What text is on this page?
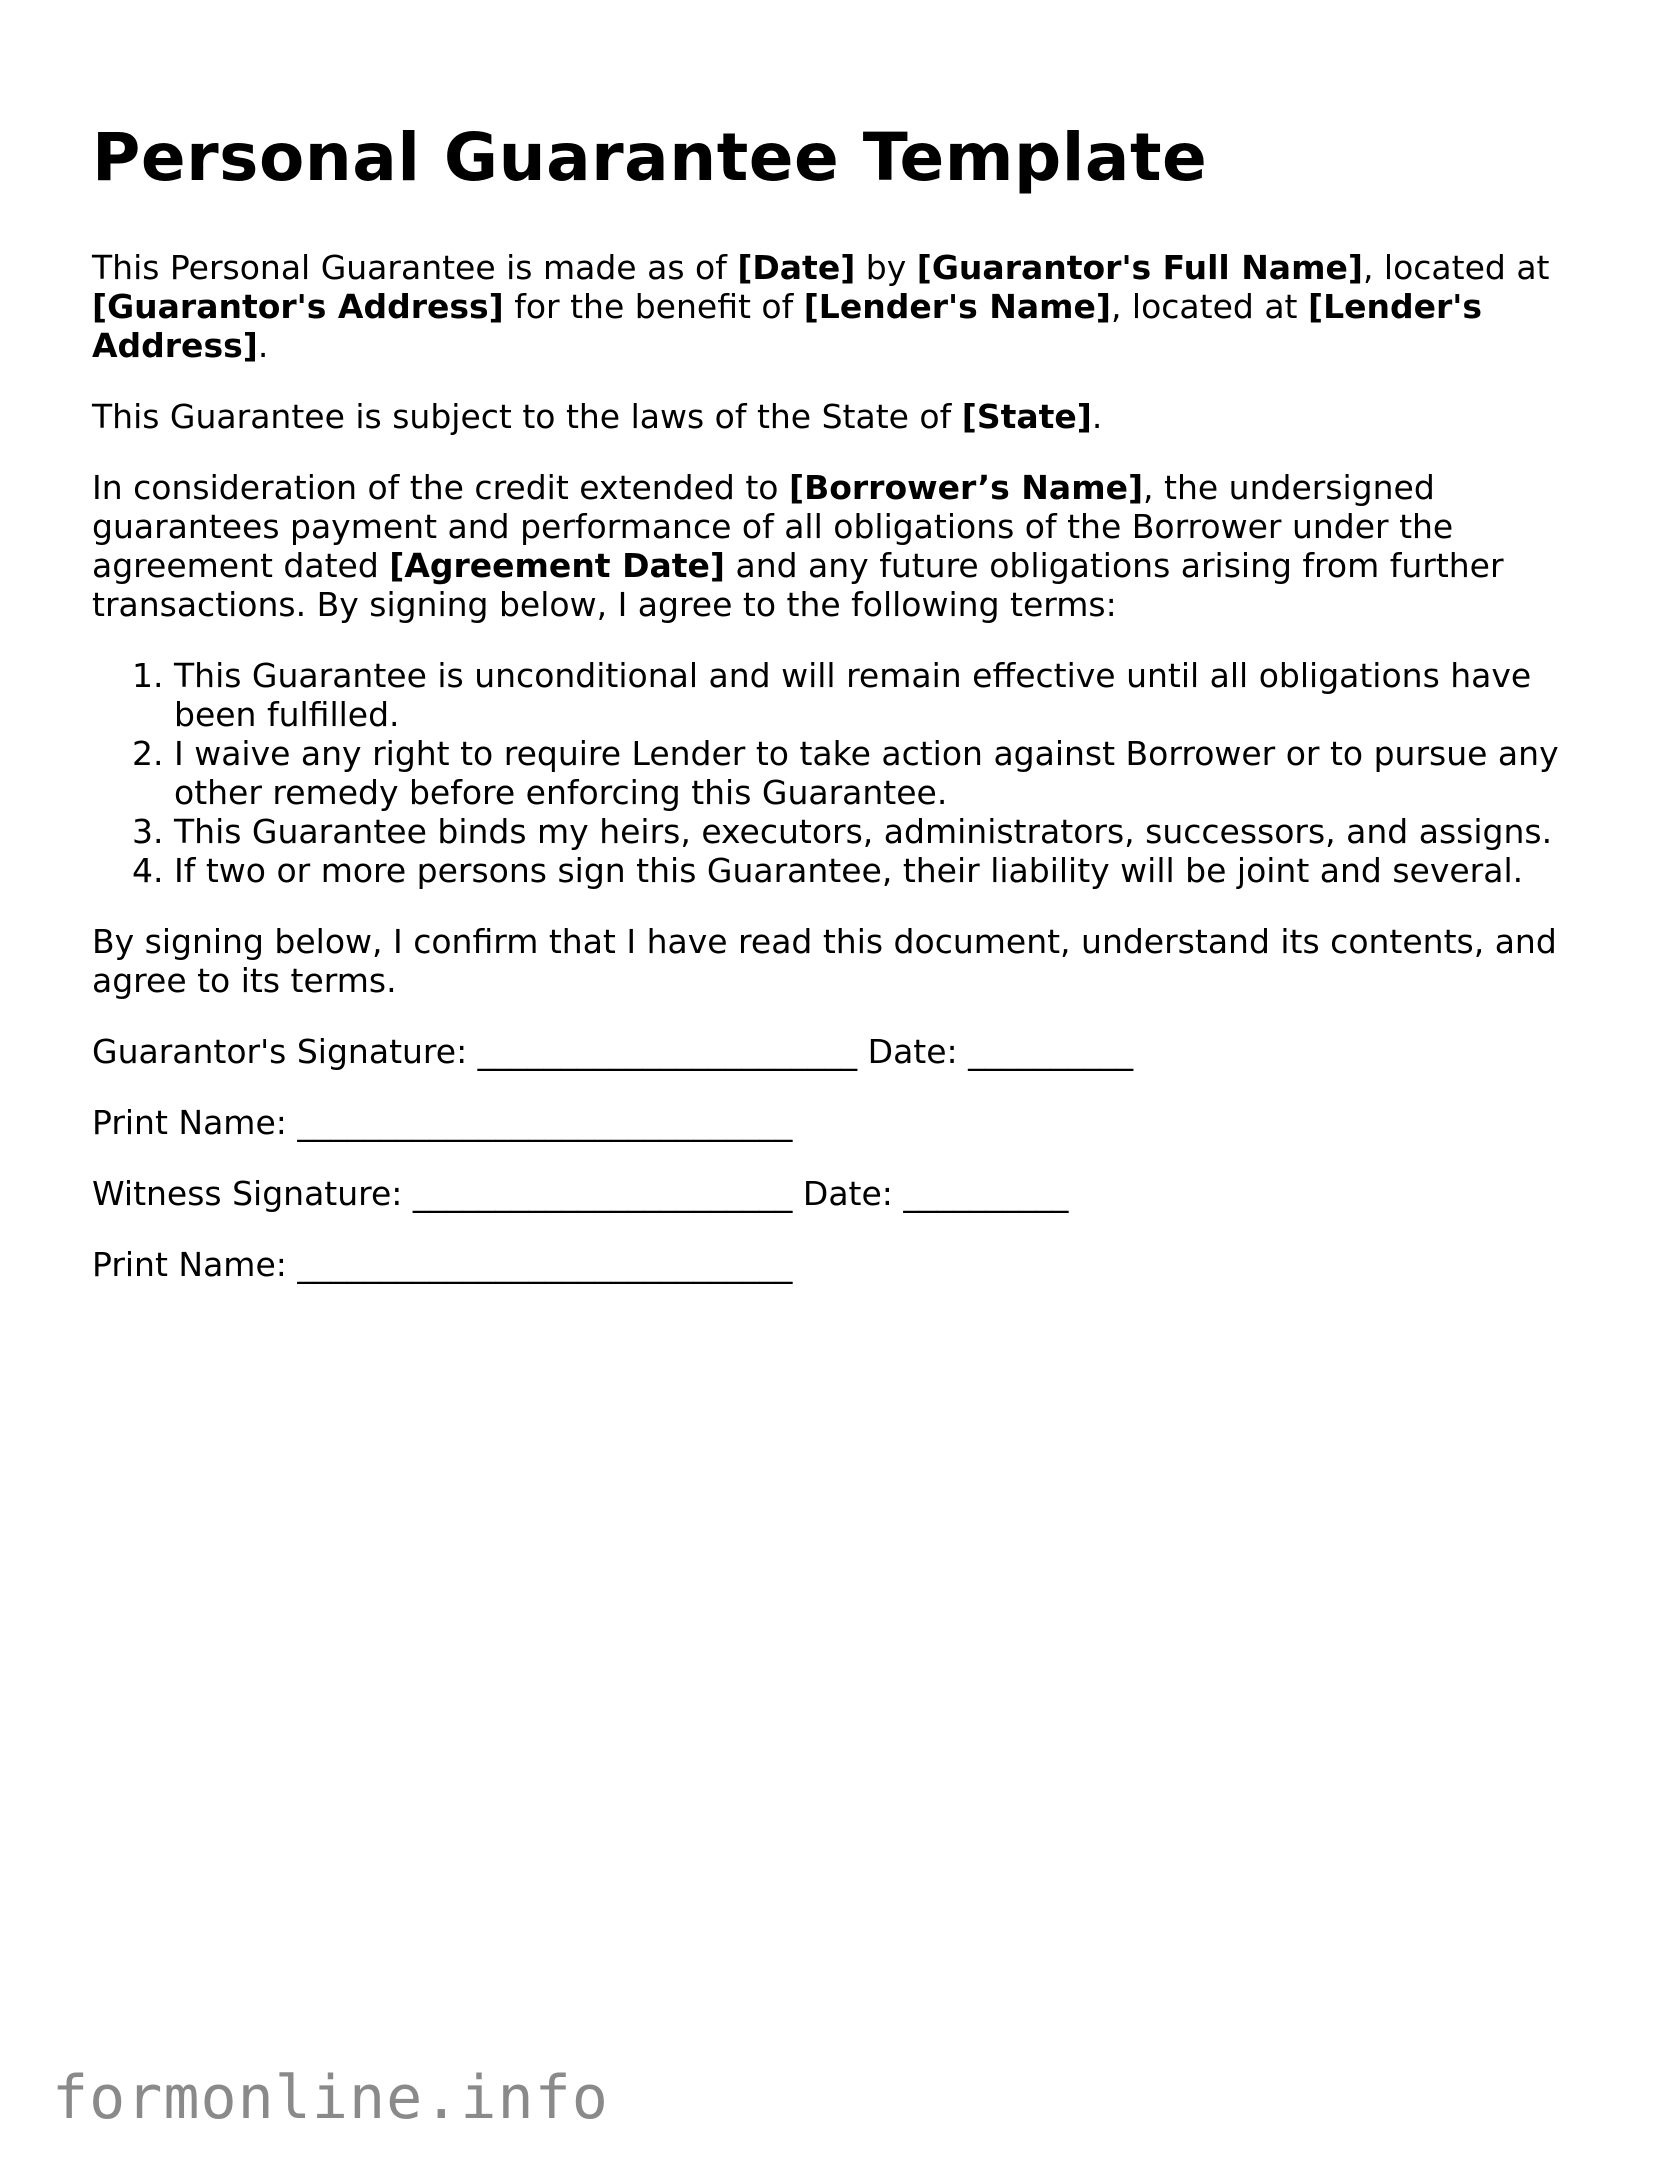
Personal Guarantee Template

This Personal Guarantee is made as of [Date] by [Guarantor's Full Name], located at [Guarantor's Address] for the benefit of [Lender's Name], located at [Lender's Address].

This Guarantee is subject to the laws of the State of [State].

In consideration of the credit extended to [Borrower’s Name], the undersigned guarantees payment and performance of all obligations of the Borrower under the agreement dated [Agreement Date] and any future obligations arising from further transactions. By signing below, I agree to the following terms:

1. This Guarantee is unconditional and will remain effective until all obligations have been fulfilled.
2. I waive any right to require Lender to take action against Borrower or to pursue any other remedy before enforcing this Guarantee.
3. This Guarantee binds my heirs, executors, administrators, successors, and assigns.
4. If two or more persons sign this Guarantee, their liability will be joint and several.

By signing below, I confirm that I have read this document, understand its contents, and agree to its terms.

Guarantor's Signature: _______________________ Date: __________
Print Name: ______________________________
Witness Signature: _______________________ Date: __________
Print Name: ______________________________
formonline.info
